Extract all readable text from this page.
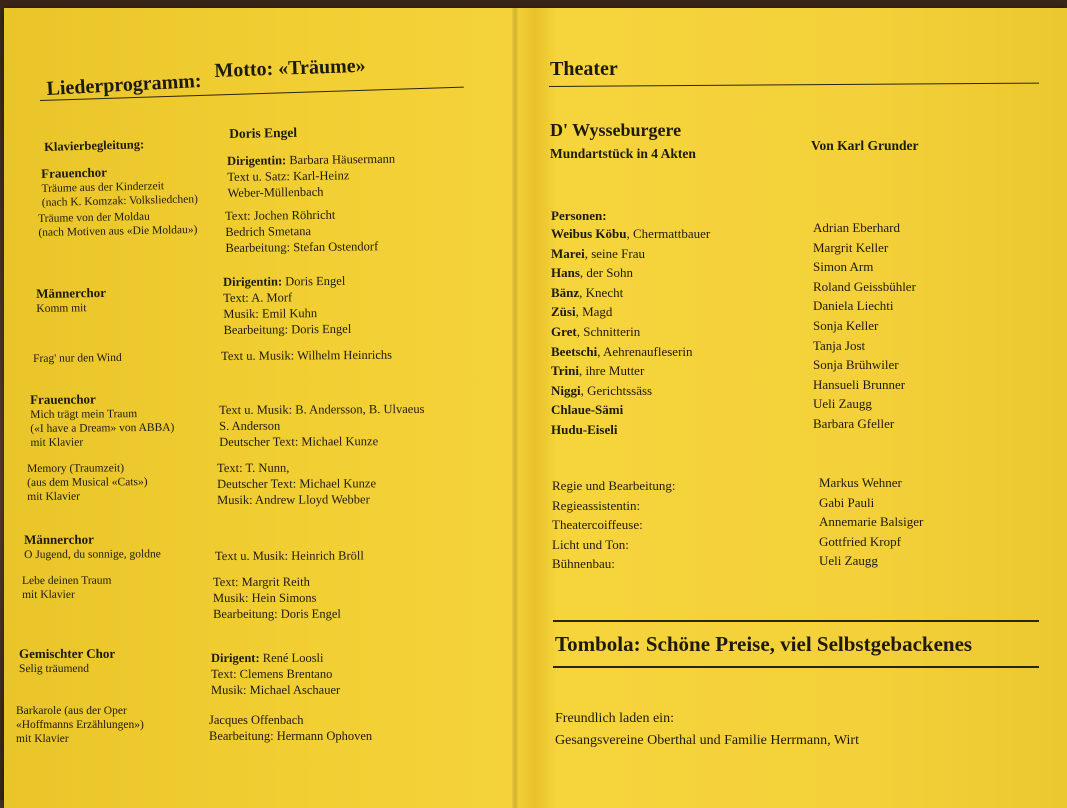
Liederprogramm:
Motto: «Träume»
Klavierbegleitung:
Doris Engel
Frauenchor
Träume aus der Kinderzeit
(nach K. Komzak: Volksliedchen)
Dirigentin: Barbara Häusermann
Text u. Satz: Karl-Heinz
Weber-Müllenbach
Träume von der Moldau
(nach Motiven aus «Die Moldau»)
Text: Jochen Röhricht
Bedrich Smetana
Bearbeitung: Stefan Ostendorf
Männerchor
Komm mit
Dirigentin: Doris Engel
Text: A. Morf
Musik: Emil Kuhn
Bearbeitung: Doris Engel
Frag' nur den Wind	Text u. Musik: Wilhelm Heinrichs
Frauenchor
Mich trägt mein Traum
(«I have a Dream» von ABBA)
mit Klavier
Text u. Musik: B. Andersson, B. Ulvaeus
S. Anderson
Deutscher Text: Michael Kunze
Memory (Traumzeit)
(aus dem Musical «Cats»)
mit Klavier
Text: T. Nunn,
Deutscher Text: Michael Kunze
Musik: Andrew Lloyd Webber
Männerchor
O Jugend, du sonnige, goldne	Text u. Musik: Heinrich Bröll
Lebe deinen Traum
mit Klavier
Text: Margrit Reith
Musik: Hein Simons
Bearbeitung: Doris Engel
Gemischter Chor
Selig träumend
Dirigent: René Loosli
Text: Clemens Brentano
Musik: Michael Aschauer
Barkarole (aus der Oper
«Hoffmanns Erzählungen»)
mit Klavier
Jacques Offenbach
Bearbeitung: Hermann Ophoven
Theater
D' Wysseburgere
Mundartstück in 4 Akten
Von Karl Grunder
Personen:
Weibus Köbu, Chermattbauer
Marei, seine Frau
Hans, der Sohn
Bänz, Knecht
Züsi, Magd
Gret, Schnitterin
Beetschi, Aehrenaufleserin
Trini, ihre Mutter
Niggi, Gerichtssäss
Chlaue-Sämi
Hudu-Eiseli
Adrian Eberhard
Margrit Keller
Simon Arm
Roland Geissbühler
Daniela Liechti
Sonja Keller
Tanja Jost
Sonja Brühwiler
Hansueli Brunner
Ueli Zaugg
Barbara Gfeller
Regie und Bearbeitung:
Regieassistentin:
Theatercoiffeuse:
Licht und Ton:
Bühnenbau:
Markus Wehner
Gabi Pauli
Annemarie Balsiger
Gottfried Kropf
Ueli Zaugg
Tombola: Schöne Preise, viel Selbstgebackenes
Freundlich laden ein:
Gesangsvereine Oberthal und Familie Herrmann, Wirt
